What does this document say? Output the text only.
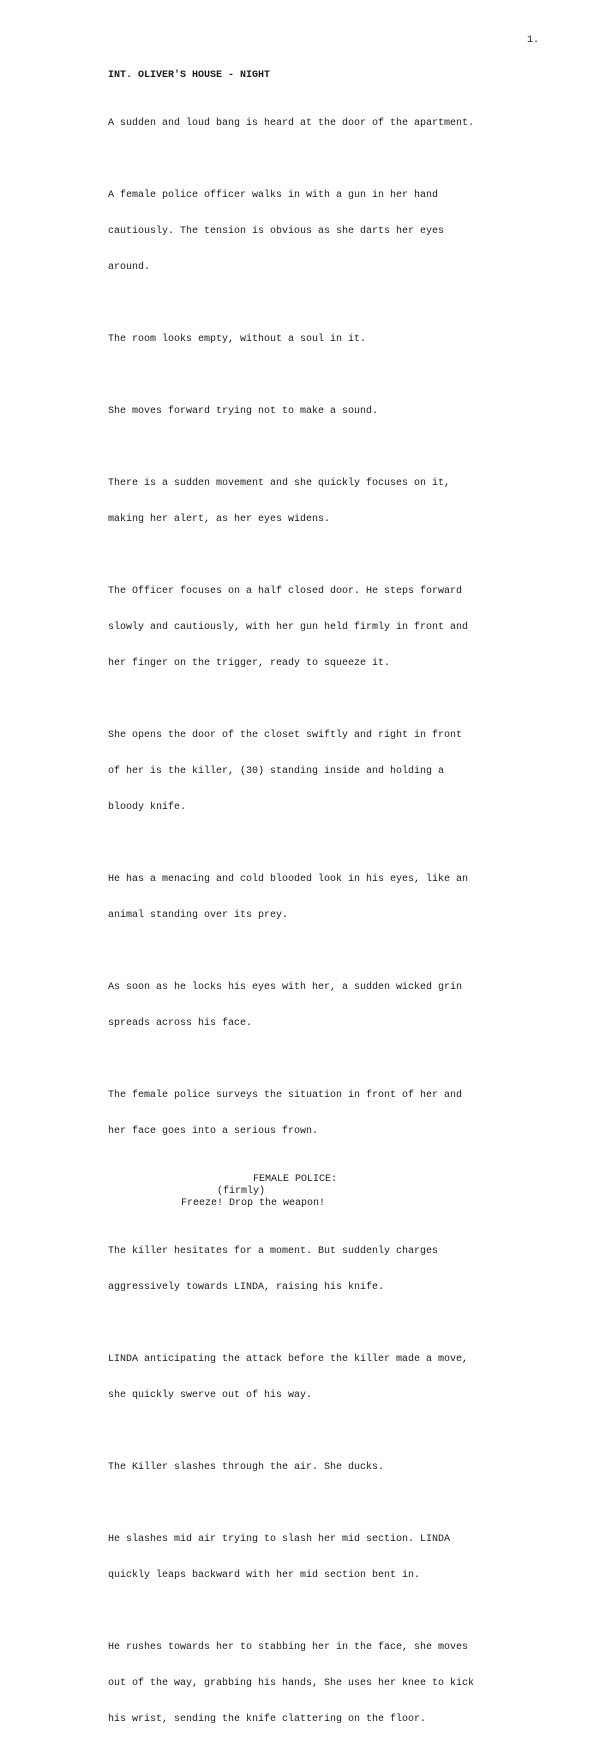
1.
INT. OLIVER'S HOUSE - NIGHT

A sudden and loud bang is heard at the door of the apartment.

A female police officer walks in with a gun in her hand

cautiously. The tension is obvious as she darts her eyes

around.

The room looks empty, without a soul in it.

She moves forward trying not to make a sound.

There is a sudden movement and she quickly focuses on it,

making her alert, as her eyes widens.

The Officer focuses on a half closed door. He steps forward

slowly and cautiously, with her gun held firmly in front and

her finger on the trigger, ready to squeeze it.

She opens the door of the closet swiftly and right in front

of her is the killer, (30) standing inside and holding a

bloody knife.

He has a menacing and cold blooded look in his eyes, like an

animal standing over its prey.

As soon as he locks his eyes with her, a sudden wicked grin

spreads across his face.

The female police surveys the situation in front of her and

her face goes into a serious frown.

FEMALE POLICE:
(firmly)
Freeze! Drop the weapon!

The killer hesitates for a moment. But suddenly charges

aggressively towards LINDA, raising his knife.

LINDA anticipating the attack before the killer made a move,

she quickly swerve out of his way.

The Killer slashes through the air. She ducks.

He slashes mid air trying to slash her mid section. LINDA

quickly leaps backward with her mid section bent in.

He rushes towards her to stabbing her in the face, she moves

out of the way, grabbing his hands, She uses her knee to kick

his wrist, sending the knife clattering on the floor.
